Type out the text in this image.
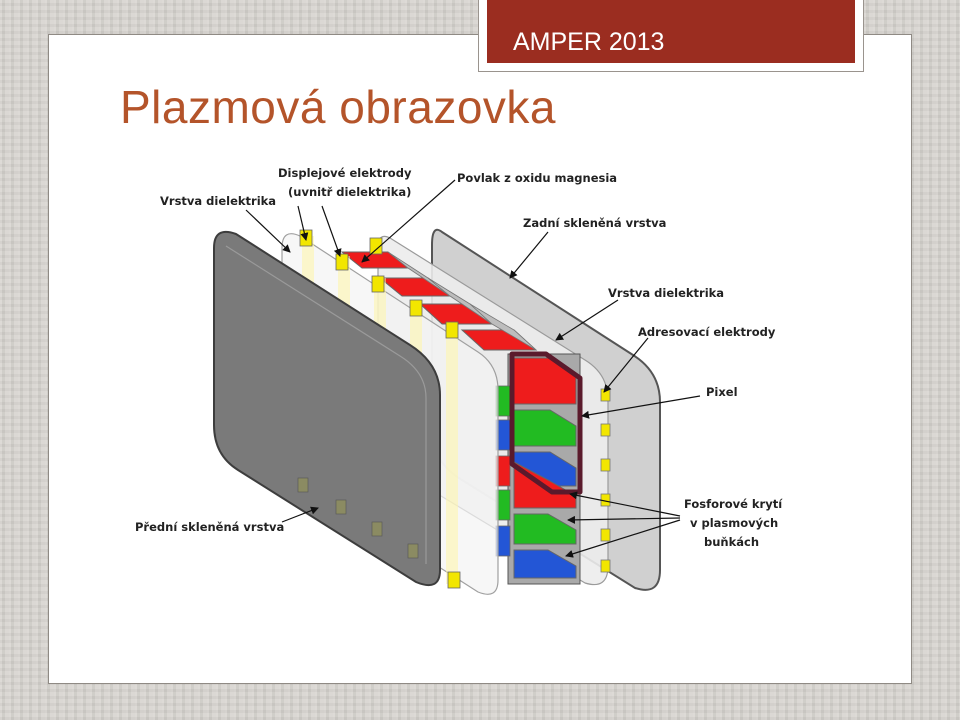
AMPER 2013
Plazmová obrazovka
Vrstva dielektrika
Displejové elektrody
(uvnitř dielektrika)
Povlak z oxidu magnesia
Zadní skleněná vrstva
Vrstva dielektrika
Adresovací elektrody
Pixel
Fosforové krytí
v plasmových
buňkách
Přední skleněná vrstva
